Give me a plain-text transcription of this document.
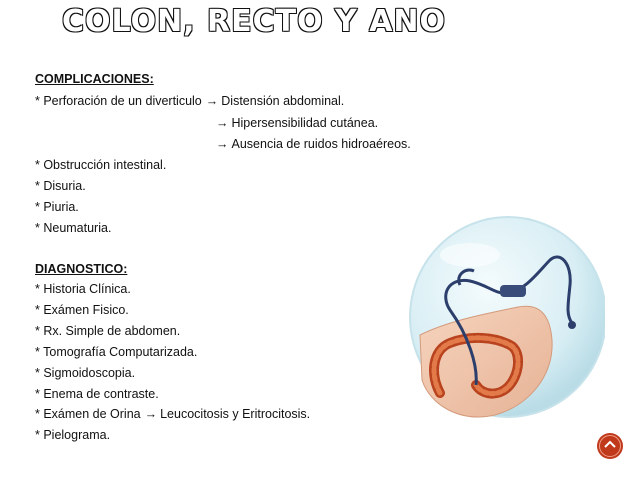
COLON, RECTO Y ANO
COMPLICACIONES:
* Perforación de un diverticulo → Distensión abdominal.
→ Hipersensibilidad cutánea.
→ Ausencia de ruidos hidroaéreos.
* Obstrucción intestinal.
* Disuria.
* Piuria.
* Neumaturia.
DIAGNOSTICO:
* Historia Clínica.
* Exámen Fisico.
* Rx. Simple de abdomen.
* Tomografía Computarizada.
* Sigmoidoscopia.
* Enema de contraste.
* Exámen de Orina → Leucocitosis y Eritrocitosis.
* Pielograma.
